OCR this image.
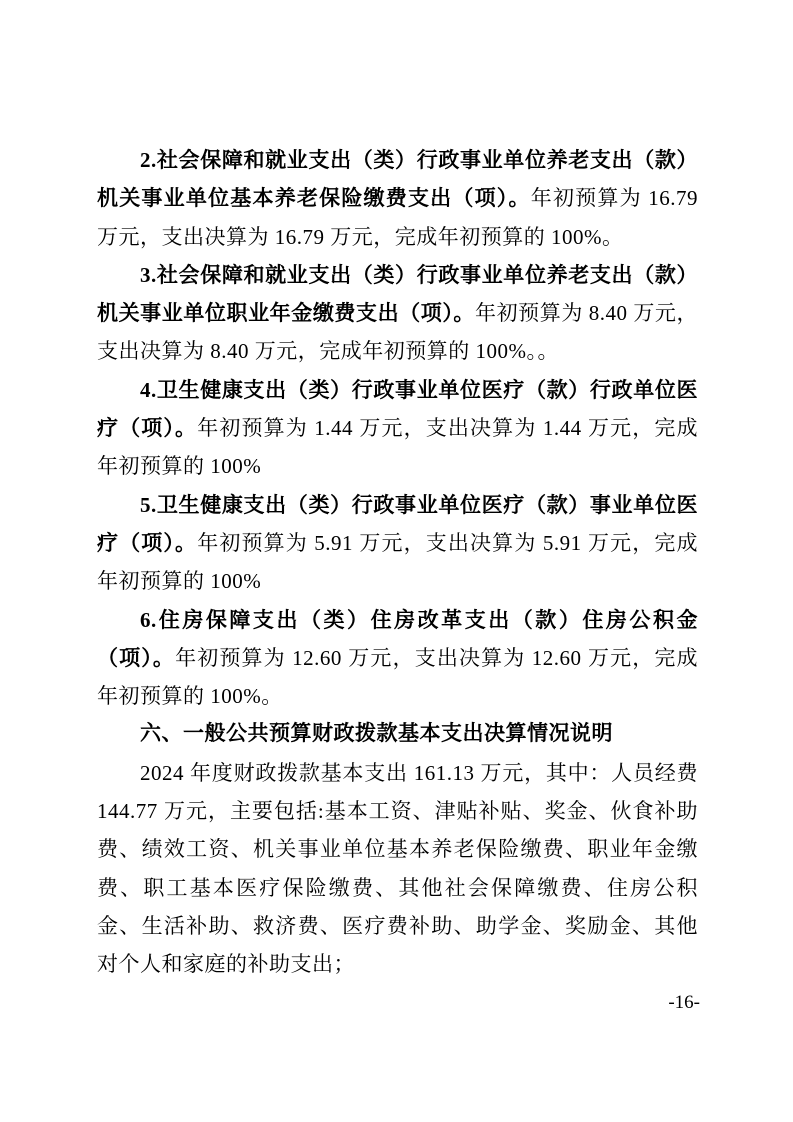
2.社会保障和就业支出（类）行政事业单位养老支出（款）机关事业单位基本养老保险缴费支出（项）。年初预算为 16.79 万元，支出决算为 16.79 万元，完成年初预算的 100%。

3.社会保障和就业支出（类）行政事业单位养老支出（款）机关事业单位职业年金缴费支出（项）。年初预算为 8.40 万元，支出决算为 8.40 万元，完成年初预算的 100%。。

4.卫生健康支出（类）行政事业单位医疗（款）行政单位医疗（项）。年初预算为 1.44 万元，支出决算为 1.44 万元，完成年初预算的 100%

5.卫生健康支出（类）行政事业单位医疗（款）事业单位医疗（项）。年初预算为 5.91 万元，支出决算为 5.91 万元，完成年初预算的 100%

6.住房保障支出（类）住房改革支出（款）住房公积金（项）。年初预算为 12.60 万元，支出决算为 12.60 万元，完成年初预算的 100%。

六、一般公共预算财政拨款基本支出决算情况说明

2024 年度财政拨款基本支出 161.13 万元，其中：人员经费 144.77 万元，主要包括:基本工资、津贴补贴、奖金、伙食补助费、绩效工资、机关事业单位基本养老保险缴费、职业年金缴费、职工基本医疗保险缴费、其他社会保障缴费、住房公积金、生活补助、救济费、医疗费补助、助学金、奖励金、其他对个人和家庭的补助支出；

-16-
